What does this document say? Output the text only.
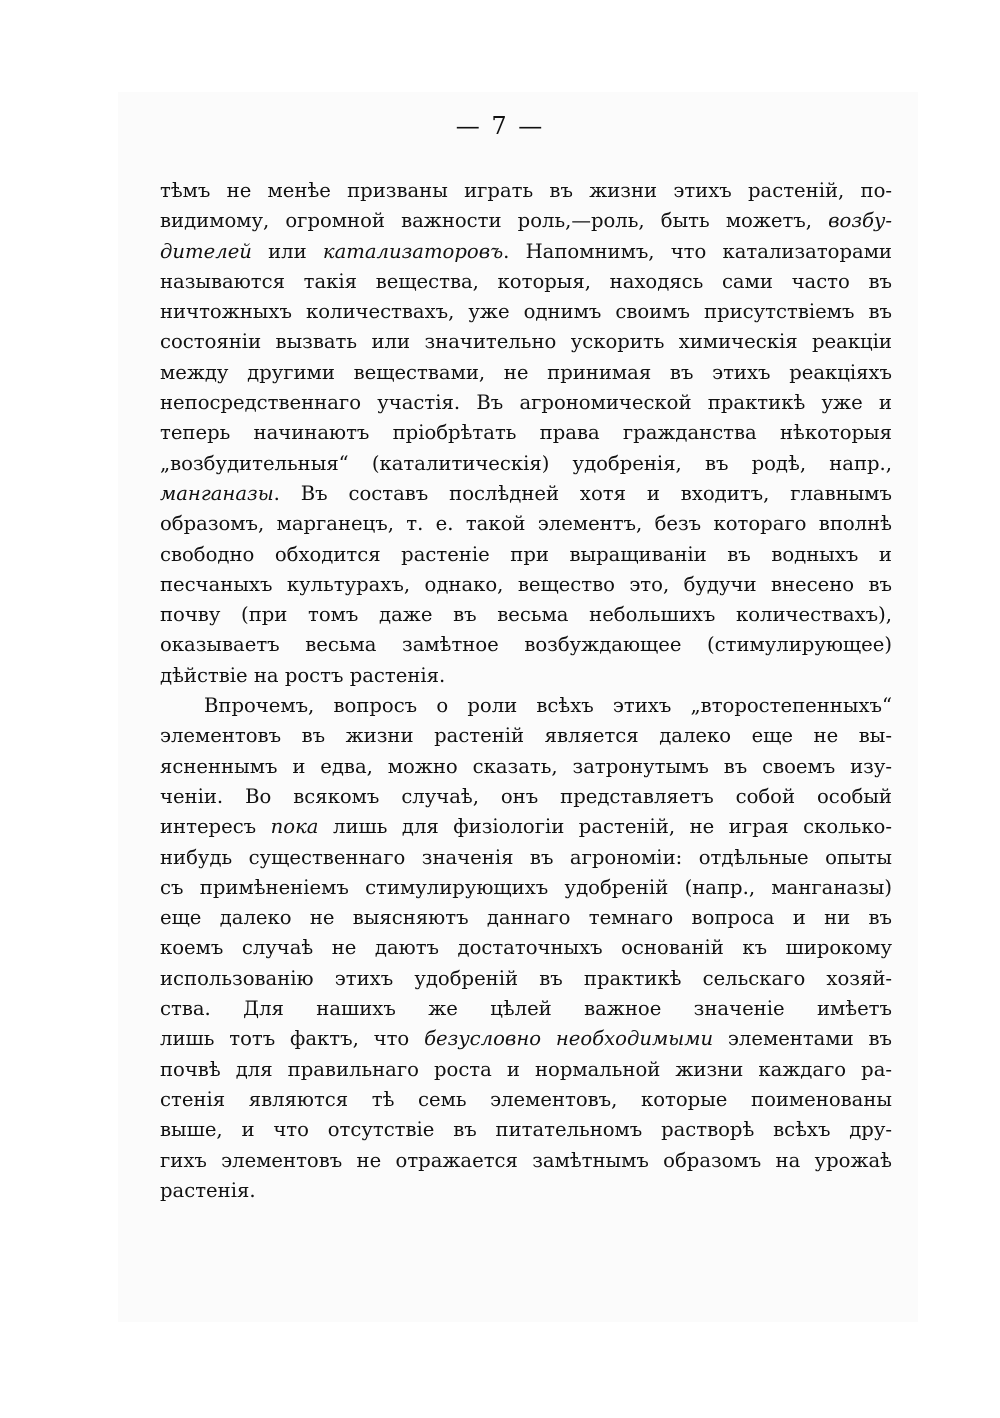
— 7 —
тѣмъ не менѣе призваны играть въ жизни этихъ растеній, по-
видимому, огромной важности роль,—роль, быть можетъ, возбу-
дителей или катализаторовъ. Напомнимъ, что катализаторами
называются такія вещества, которыя, находясь сами часто въ
ничтожныхъ количествахъ, уже однимъ своимъ присутствіемъ въ
состояніи вызвать или значительно ускорить химическія реакціи
между другими веществами, не принимая въ этихъ реакціяхъ
непосредственнаго участія. Въ агрономической практикѣ уже и
теперь начинаютъ пріобрѣтать права гражданства нѣкоторыя
„возбудительныя“ (каталитическія) удобренія, въ родѣ, напр.,
манганазы. Въ составъ послѣдней хотя и входитъ, главнымъ
образомъ, марганецъ, т. е. такой элементъ, безъ котораго вполнѣ
свободно обходится растеніе при выращиваніи въ водныхъ и
песчаныхъ культурахъ, однако, вещество это, будучи внесено въ
почву (при томъ даже въ весьма небольшихъ количествахъ),
оказываетъ весьма замѣтное возбуждающее (стимулирующее)
дѣйствіе на ростъ растенія.
Впрочемъ, вопросъ о роли всѣхъ этихъ „второстепенныхъ“
элементовъ въ жизни растеній является далеко еще не вы-
ясненнымъ и едва, можно сказать, затронутымъ въ своемъ изу-
ченіи. Во всякомъ случаѣ, онъ представляетъ собой особый
интересъ пока лишь для физіологіи растеній, не играя сколько-
нибудь существеннаго значенія въ агрономіи: отдѣльные опыты
съ примѣненіемъ стимулирующихъ удобреній (напр., манганазы)
еще далеко не выясняютъ даннаго темнаго вопроса и ни въ
коемъ случаѣ не даютъ достаточныхъ основаній къ широкому
использованію этихъ удобреній въ практикѣ сельскаго хозяй-
ства. Для нашихъ же цѣлей важное значеніе имѣетъ
лишь тотъ фактъ, что безусловно необходимыми элементами въ
почвѣ для правильнаго роста и нормальной жизни каждаго ра-
стенія являются тѣ семь элементовъ, которые поименованы
выше, и что отсутствіе въ питательномъ растворѣ всѣхъ дру-
гихъ элементовъ не отражается замѣтнымъ образомъ на урожаѣ
растенія.
